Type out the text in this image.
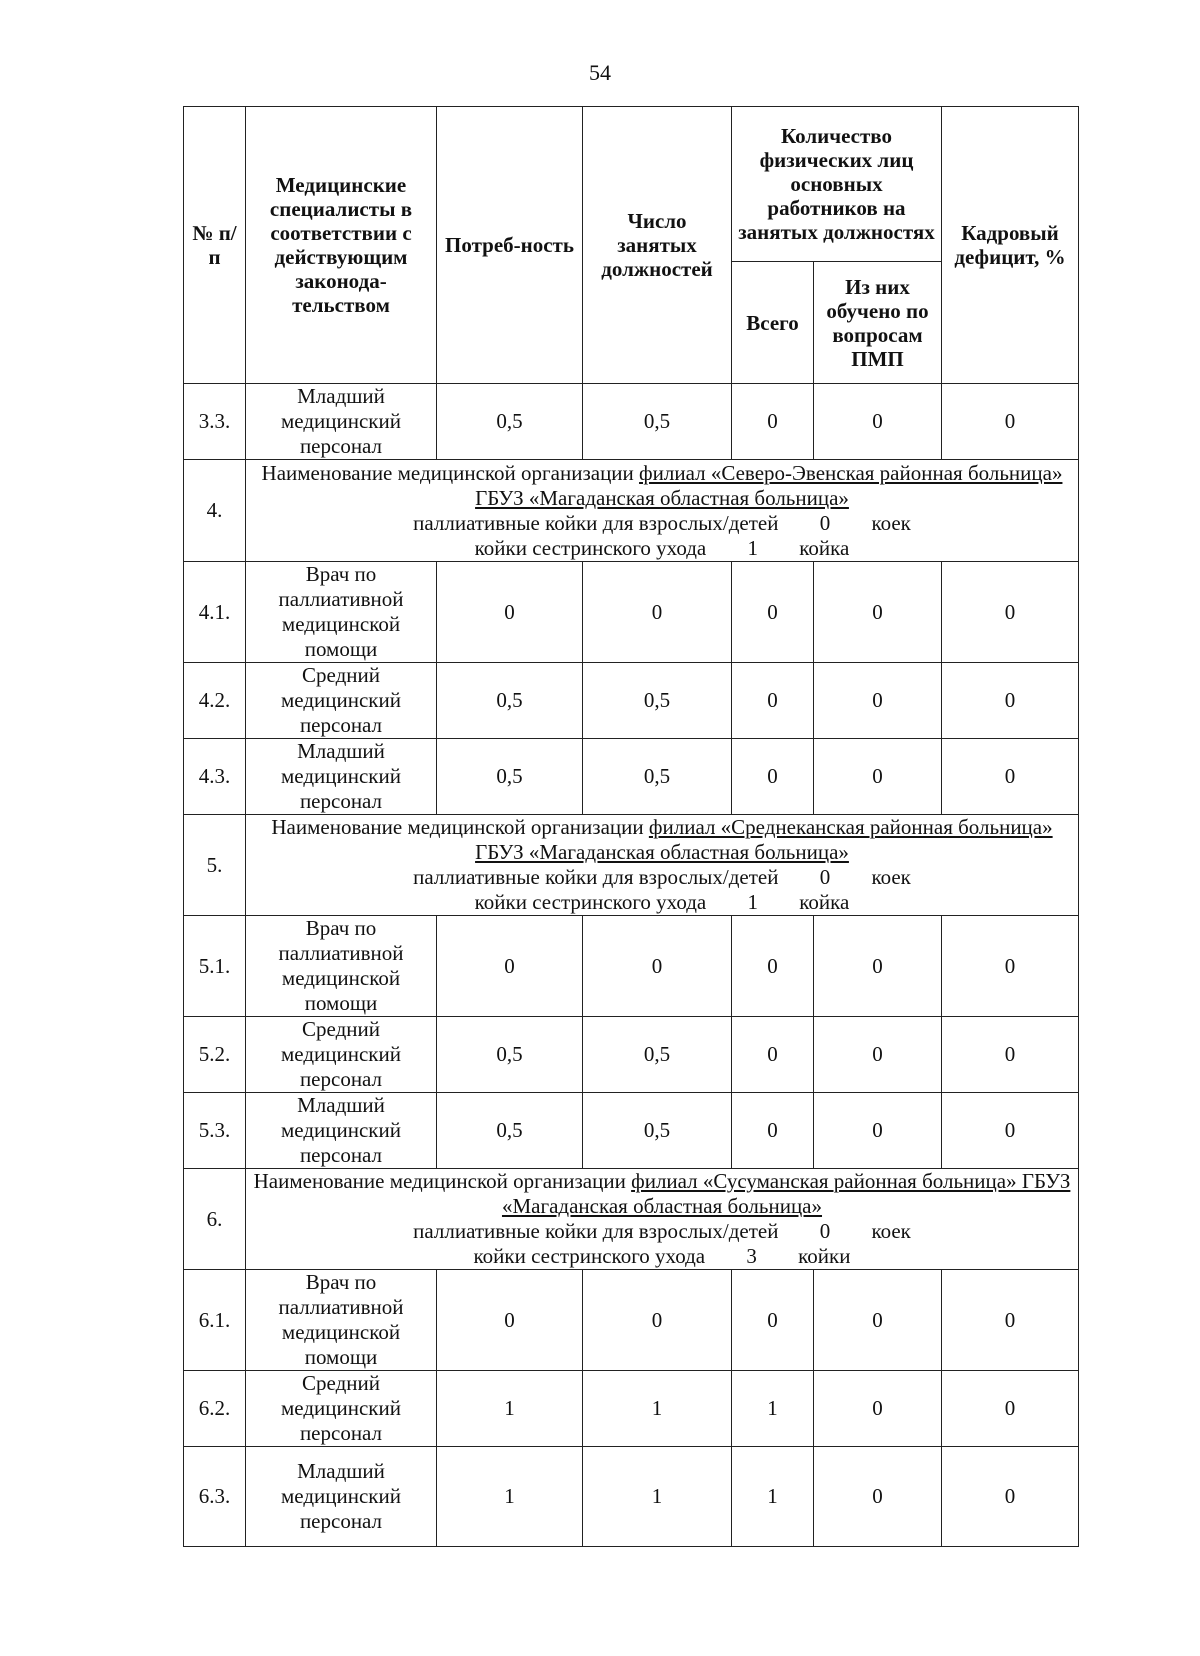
54
№ п/п	Медицинские специалисты в соответствии с действующим законода-тельством	Потреб-ность	Число занятых должностей	Количество физических лиц основных работников на занятых должностях		Кадровый дефицит, %
				Всего	Из них обучено по вопросам ПМП	
3.3.	Младший медицинский персонал	0,5	0,5	0	0	0
4.	Наименование медицинской организации филиал «Северо-Эвенская районная больница» ГБУЗ «Магаданская областная больница»
паллиативные койки для взрослых/детей 0 коек
койки сестринского ухода 1 койка					

4.1.	Врач по паллиативной медицинской помощи	0	0	0	0	0
4.2.	Средний медицинский персонал	0,5	0,5	0	0	0
4.3.	Младший медицинский персонал	0,5	0,5	0	0	0
5.	Наименование медицинской организации филиал «Среднеканская районная больница» ГБУЗ «Магаданская областная больница»
паллиативные койки для взрослых/детей 0 коек
койки сестринского ухода 1 койка					

5.1.	Врач по паллиативной медицинской помощи	0	0	0	0	0
5.2.	Средний медицинский персонал	0,5	0,5	0	0	0
5.3.	Младший медицинский персонал	0,5	0,5	0	0	0
6.	Наименование медицинской организации филиал «Сусуманская районная больница» ГБУЗ «Магаданская областная больница»
паллиативные койки для взрослых/детей 0 коек
койки сестринского ухода 3 койки					

6.1.	Врач по паллиативной медицинской помощи	0	0	0	0	0
6.2.	Средний медицинский персонал	1	1	1	0	0
6.3.	Младший медицинский персонал	1	1	1	0	0
